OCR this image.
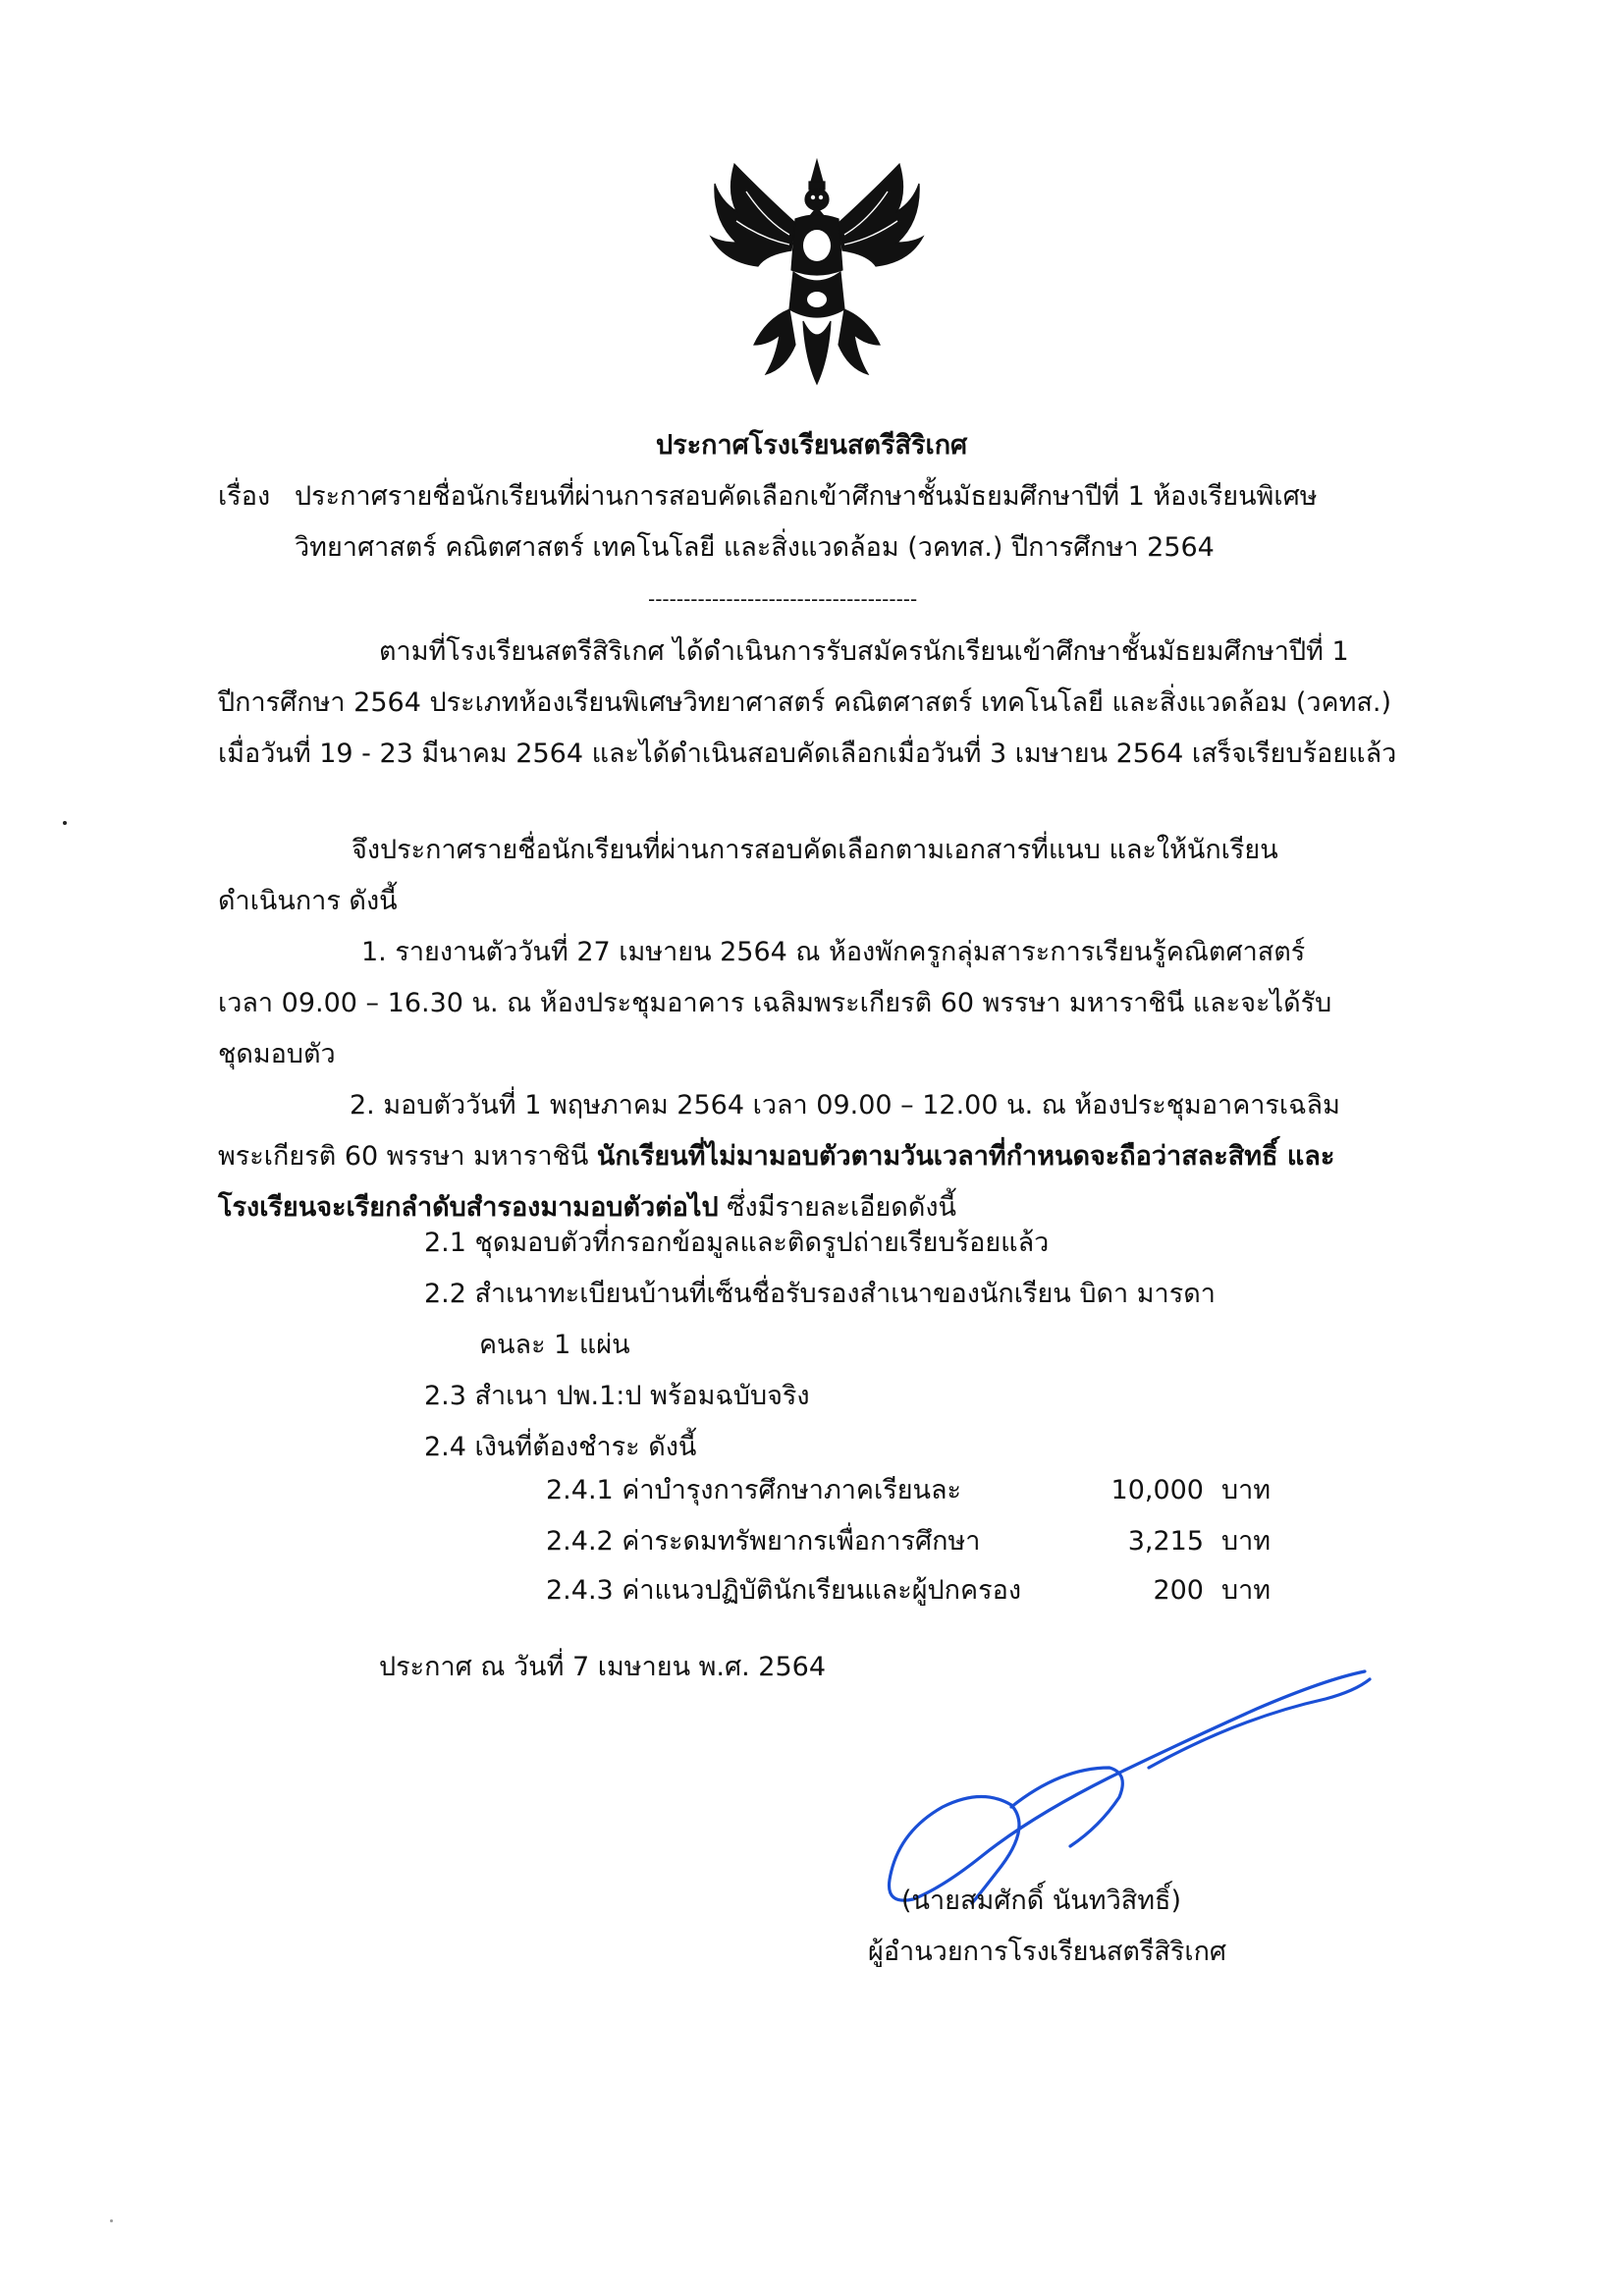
ประกาศโรงเรียนสตรีสิริเกศ
เรื่อง ประกาศรายชื่อนักเรียนที่ผ่านการสอบคัดเลือกเข้าศึกษาชั้นมัธยมศึกษาปีที่ 1 ห้องเรียนพิเศษ
วิทยาศาสตร์ คณิตศาสตร์ เทคโนโลยี และสิ่งแวดล้อม (วคทส.) ปีการศึกษา 2564
--------------------------------------
ตามที่โรงเรียนสตรีสิริเกศ ได้ดำเนินการรับสมัครนักเรียนเข้าศึกษาชั้นมัธยมศึกษาปีที่ 1
ปีการศึกษา 2564 ประเภทห้องเรียนพิเศษวิทยาศาสตร์ คณิตศาสตร์ เทคโนโลยี และสิ่งแวดล้อม (วคทส.)
เมื่อวันที่ 19 - 23 มีนาคม 2564 และได้ดำเนินสอบคัดเลือกเมื่อวันที่ 3 เมษายน 2564 เสร็จเรียบร้อยแล้ว
จึงประกาศรายชื่อนักเรียนที่ผ่านการสอบคัดเลือกตามเอกสารที่แนบ และให้นักเรียน
ดำเนินการ ดังนี้
1. รายงานตัววันที่ 27 เมษายน 2564 ณ ห้องพักครูกลุ่มสาระการเรียนรู้คณิตศาสตร์
เวลา 09.00 – 16.30 น. ณ ห้องประชุมอาคาร เฉลิมพระเกียรติ 60 พรรษา มหาราชินี และจะได้รับ
ชุดมอบตัว
2. มอบตัววันที่ 1 พฤษภาคม 2564 เวลา 09.00 – 12.00 น. ณ ห้องประชุมอาคารเฉลิม
พระเกียรติ 60 พรรษา มหาราชินี นักเรียนที่ไม่มามอบตัวตามวันเวลาที่กำหนดจะถือว่าสละสิทธิ์ และ
โรงเรียนจะเรียกลำดับสำรองมามอบตัวต่อไป ซึ่งมีรายละเอียดดังนี้
2.1 ชุดมอบตัวที่กรอกข้อมูลและติดรูปถ่ายเรียบร้อยแล้ว
2.2 สำเนาทะเบียนบ้านที่เซ็นชื่อรับรองสำเนาของนักเรียน บิดา มารดา
คนละ 1 แผ่น
2.3 สำเนา ปพ.1:ป พร้อมฉบับจริง
2.4 เงินที่ต้องชำระ ดังนี้
2.4.1 ค่าบำรุงการศึกษาภาคเรียนละ	10,000 บาท
2.4.2 ค่าระดมทรัพยากรเพื่อการศึกษา	3,215 บาท
2.4.3 ค่าแนวปฏิบัตินักเรียนและผู้ปกครอง	200 บาท
ประกาศ ณ วันที่ 7 เมษายน พ.ศ. 2564
(นายสมศักดิ์ นันทวิสิทธิ์)
ผู้อำนวยการโรงเรียนสตรีสิริเกศ
